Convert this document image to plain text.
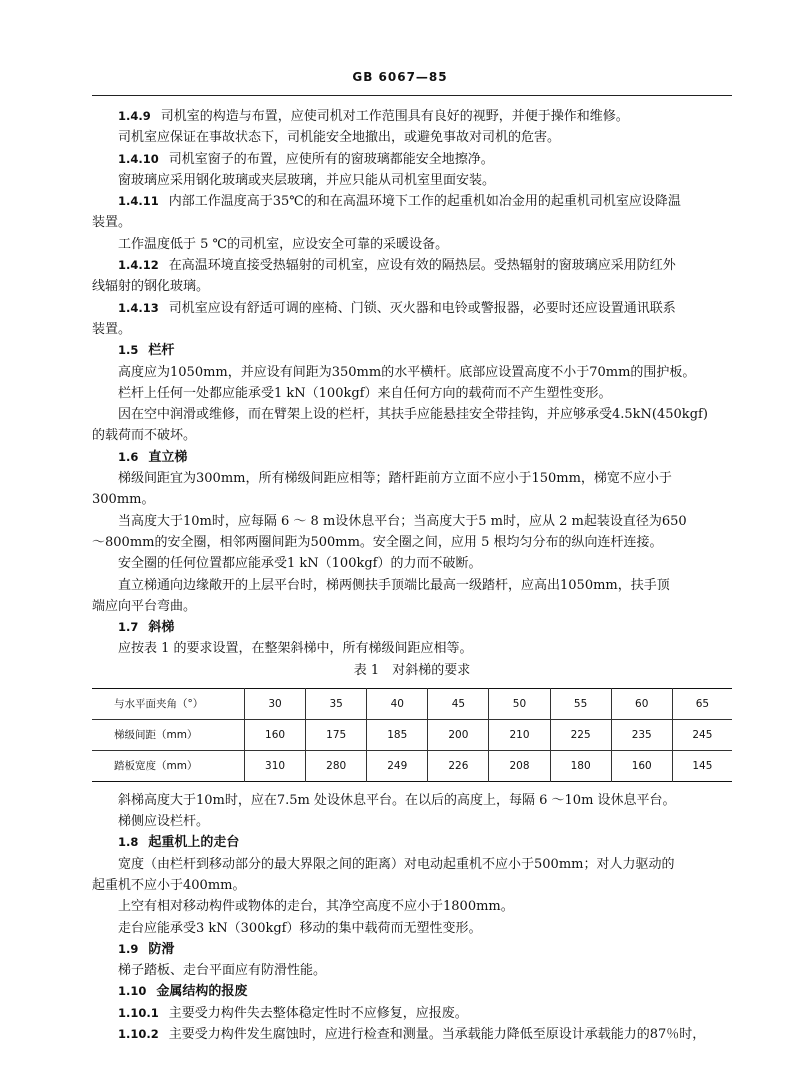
GB 6067—85
1.4.9 司机室的构造与布置，应使司机对工作范围具有良好的视野，并便于操作和维修。
司机室应保证在事故状态下，司机能安全地撤出，或避免事故对司机的危害。
1.4.10 司机室窗子的布置，应使所有的窗玻璃都能安全地擦净。
窗玻璃应采用钢化玻璃或夹层玻璃，并应只能从司机室里面安装。
1.4.11 内部工作温度高于35℃的和在高温环境下工作的起重机如冶金用的起重机司机室应设降温
装置。
工作温度低于 5 ℃的司机室，应设安全可靠的采暖设备。
1.4.12 在高温环境直接受热辐射的司机室，应设有效的隔热层。受热辐射的窗玻璃应采用防红外
线辐射的钢化玻璃。
1.4.13 司机室应设有舒适可调的座椅、门锁、灭火器和电铃或警报器，必要时还应设置通讯联系
装置。
1.5 栏杆
高度应为1050mm，并应设有间距为350mm的水平横杆。底部应设置高度不小于70mm的围护板。
栏杆上任何一处都应能承受1 kN（100kgf）来自任何方向的载荷而不产生塑性变形。
因在空中润滑或维修，而在臂架上设的栏杆，其扶手应能悬挂安全带挂钩，并应够承受4.5kN(450kgf)
的载荷而不破坏。
1.6 直立梯
梯级间距宜为300mm，所有梯级间距应相等；踏杆距前方立面不应小于150mm，梯宽不应小于
300mm。
当高度大于10m时，应每隔 6 ～ 8 m设休息平台；当高度大于5 m时，应从 2 m起装设直径为650
～800mm的安全圈，相邻两圈间距为500mm。安全圈之间，应用 5 根均匀分布的纵向连杆连接。
安全圈的任何位置都应能承受1 kN（100kgf）的力而不破断。
直立梯通向边缘敞开的上层平台时，梯两侧扶手顶端比最高一级踏杆，应高出1050mm，扶手顶
端应向平台弯曲。
1.7 斜梯
应按表 1 的要求设置，在整架斜梯中，所有梯级间距应相等。
表 1　对斜梯的要求
与水平面夹角（°）	30	35	40	45	50	55	60	65
梯级间距（mm）	160	175	185	200	210	225	235	245
踏板宽度（mm）	310	280	249	226	208	180	160	145
斜梯高度大于10m时，应在7.5m 处设休息平台。在以后的高度上，每隔 6 ～10m 设休息平台。
梯侧应设栏杆。
1.8 起重机上的走台
宽度（由栏杆到移动部分的最大界限之间的距离）对电动起重机不应小于500mm；对人力驱动的
起重机不应小于400mm。
上空有相对移动构件或物体的走台，其净空高度不应小于1800mm。
走台应能承受3 kN（300kgf）移动的集中载荷而无塑性变形。
1.9 防滑
梯子踏板、走台平面应有防滑性能。
1.10 金属结构的报废
1.10.1 主要受力构件失去整体稳定性时不应修复，应报废。
1.10.2 主要受力构件发生腐蚀时，应进行检查和测量。当承载能力降低至原设计承载能力的87％时，
